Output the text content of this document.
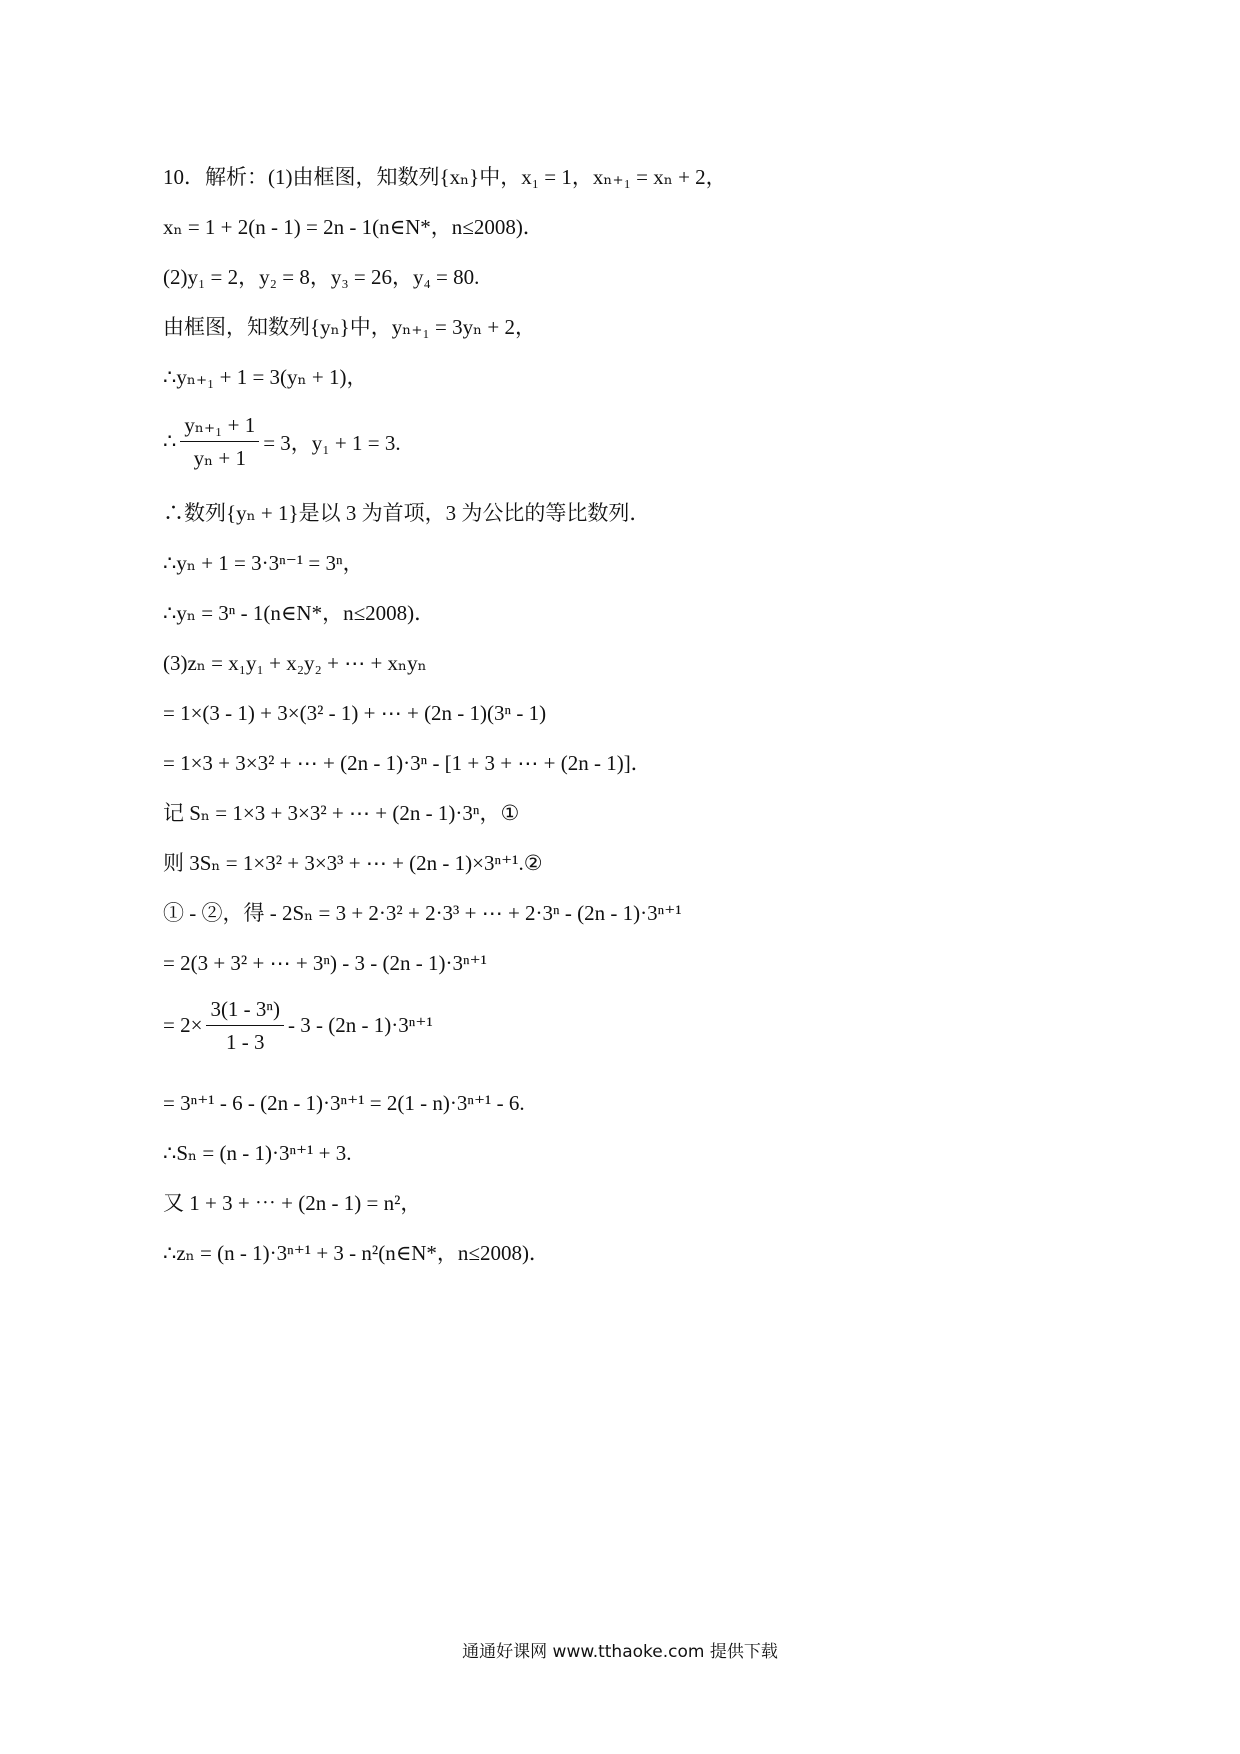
10．解析：(1)由框图，知数列{xₙ}中，x₁ = 1，xₙ₊₁ = xₙ + 2，
xₙ = 1 + 2(n - 1) = 2n - 1(n∈N*，n≤2008)．
(2)y₁ = 2，y₂ = 8，y₃ = 26，y₄ = 80.
由框图，知数列{yₙ}中，yₙ₊₁ = 3yₙ + 2，
∴yₙ₊₁ + 1 = 3(yₙ + 1)，
∴ $\frac{\text{yₙ₊₁ + 1}}{\text{yₙ + 1}} = 3$，y₁ + 1 = 3.
∴数列{yₙ + 1}是以 3 为首项，3 为公比的等比数列．
∴yₙ + 1 = 3·3ⁿ⁻¹ = 3ⁿ，
∴yₙ = 3ⁿ - 1(n∈N*，n≤2008)．
(3)zₙ = x₁y₁ + x₂y₂ + ⋯ + xₙyₙ
= 1×(3 - 1) + 3×(3² - 1) + ⋯ + (2n - 1)(3ⁿ - 1)
= 1×3 + 3×3² + ⋯ + (2n - 1)·3ⁿ - [1 + 3 + ⋯ + (2n - 1)]．
记 Sₙ = 1×3 + 3×3² + ⋯ + (2n - 1)·3ⁿ，①
则 3Sₙ = 1×3² + 3×3³ + ⋯ + (2n - 1)×3ⁿ⁺¹.②
① - ②，得 - 2Sₙ = 3 + 2·3² + 2·3³ + ⋯ + 2·3ⁿ - (2n - 1)·3ⁿ⁺¹
= 2(3 + 3² + ⋯ + 3ⁿ) - 3 - (2n - 1)·3ⁿ⁺¹
= $2\times \frac{\text{3(1 - 3ⁿ)}}{1 - 3} - 3 - (2n - 1)\cdot 3^{n+1}$
= 3ⁿ⁺¹ - 6 - (2n - 1)·3ⁿ⁺¹ = 2(1 - n)·3ⁿ⁺¹ - 6.
∴Sₙ = (n - 1)·3ⁿ⁺¹ + 3.
又 1 + 3 + ⋯ + (2n - 1) = n²，
∴zₙ = (n - 1)·3ⁿ⁺¹ + 3 - n²(n∈N*，n≤2008)．
通通好课网 www.tthaoke.com 提供下载
